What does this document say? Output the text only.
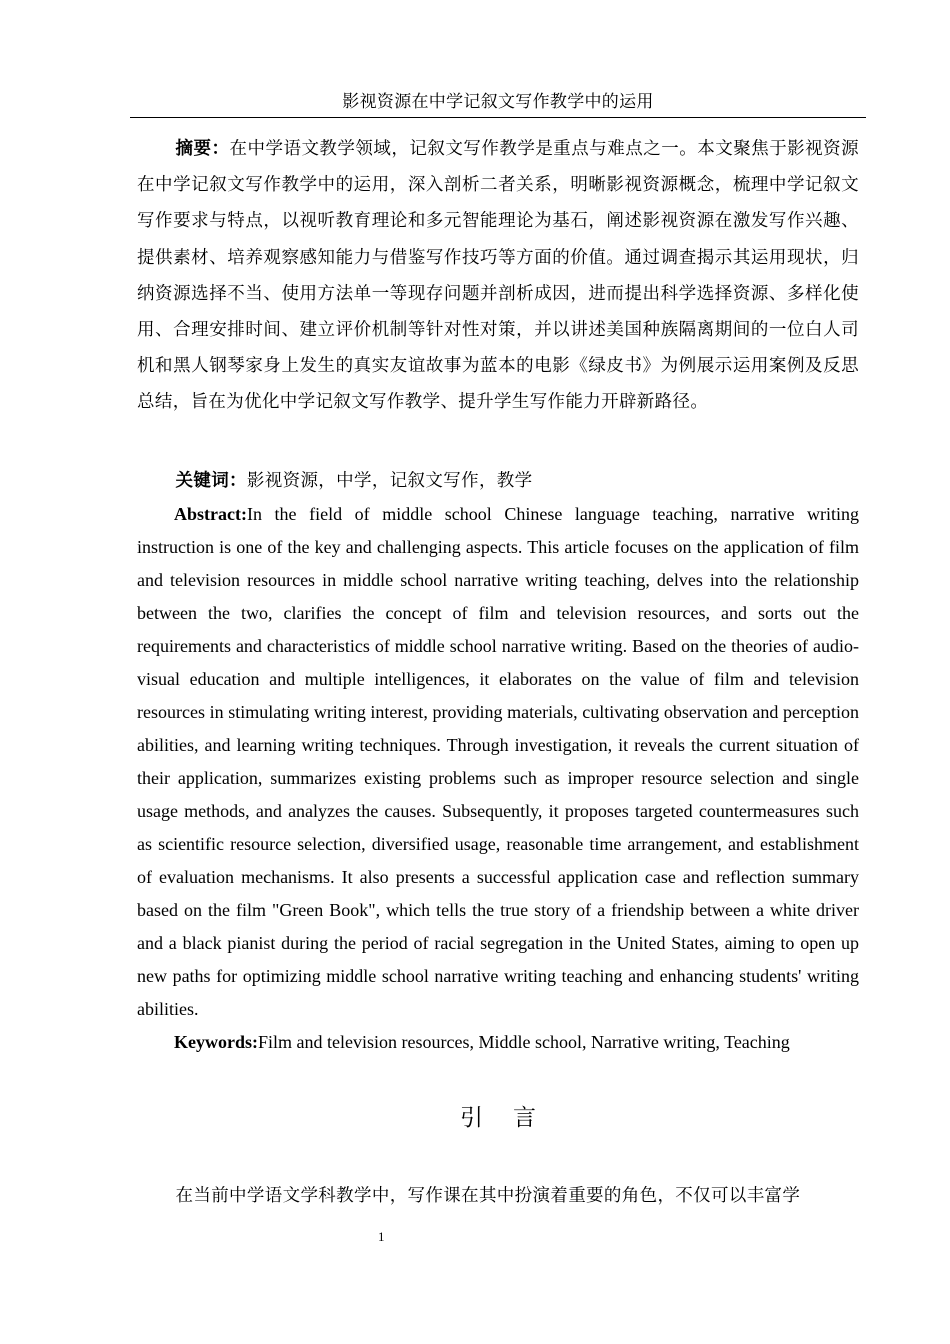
影视资源在中学记叙文写作教学中的运用

摘要：在中学语文教学领域，记叙文写作教学是重点与难点之一。本文聚焦于影视资源在中学记叙文写作教学中的运用，深入剖析二者关系，明晰影视资源概念，梳理中学记叙文写作要求与特点，以视听教育理论和多元智能理论为基石，阐述影视资源在激发写作兴趣、提供素材、培养观察感知能力与借鉴写作技巧等方面的价值。通过调查揭示其运用现状，归纳资源选择不当、使用方法单一等现存问题并剖析成因，进而提出科学选择资源、多样化使用、合理安排时间、建立评价机制等针对性对策，并以讲述美国种族隔离期间的一位白人司机和黑人钢琴家身上发生的真实友谊故事为蓝本的电影《绿皮书》为例展示运用案例及反思总结，旨在为优化中学记叙文写作教学、提升学生写作能力开辟新路径。

关键词：影视资源，中学，记叙文写作，教学

Abstract:In the field of middle school Chinese language teaching, narrative writing instruction is one of the key and challenging aspects. This article focuses on the application of film and television resources in middle school narrative writing teaching, delves into the relationship between the two, clarifies the concept of film and television resources, and sorts out the requirements and characteristics of middle school narrative writing. Based on the theories of audio-visual education and multiple intelligences, it elaborates on the value of film and television resources in stimulating writing interest, providing materials, cultivating observation and perception abilities, and learning writing techniques. Through investigation, it reveals the current situation of their application, summarizes existing problems such as improper resource selection and single usage methods, and analyzes the causes. Subsequently, it proposes targeted countermeasures such as scientific resource selection, diversified usage, reasonable time arrangement, and establishment of evaluation mechanisms. It also presents a successful application case and reflection summary based on the film "Green Book", which tells the true story of a friendship between a white driver and a black pianist during the period of racial segregation in the United States, aiming to open up new paths for optimizing middle school narrative writing teaching and enhancing students' writing abilities.

Keywords:Film and television resources, Middle school, Narrative writing, Teaching

引言

在当前中学语文学科教学中，写作课在其中扮演着重要的角色，不仅可以丰富学

1
